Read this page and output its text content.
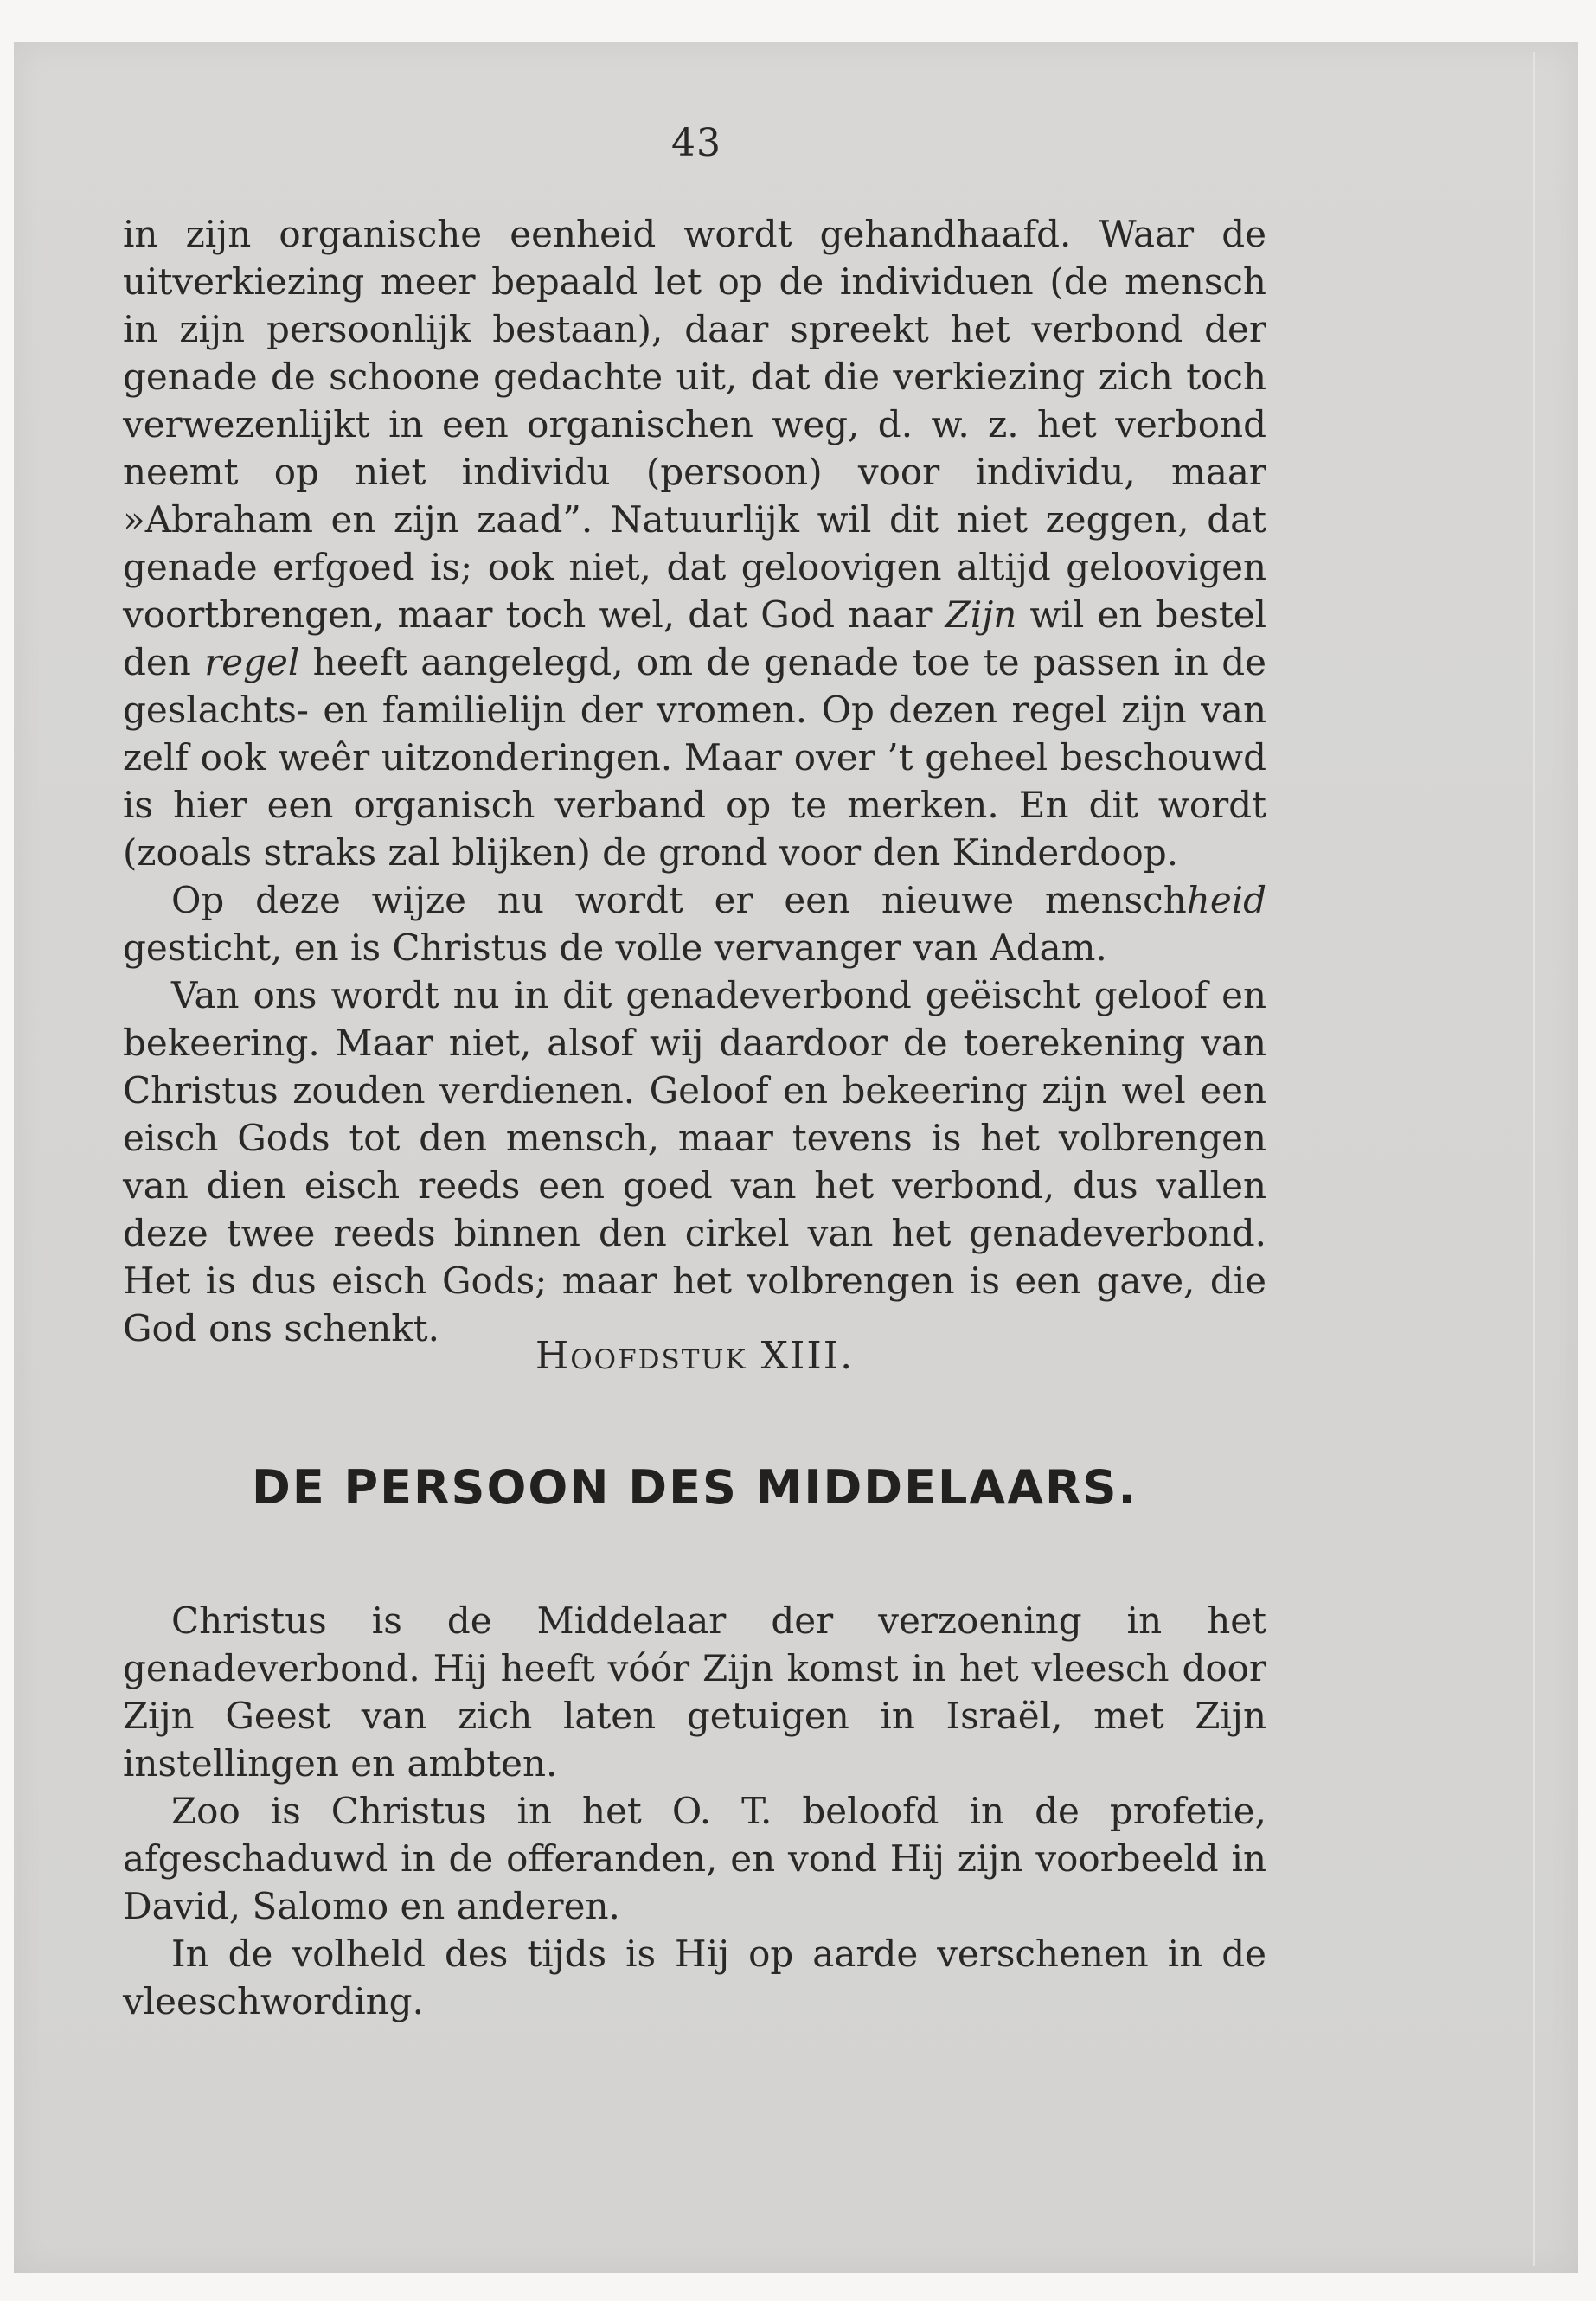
43

in zijn organische eenheid wordt gehandhaafd. Waar de uitverkiezing meer bepaald let op de individuen (de mensch in zijn persoonlijk bestaan), daar spreekt het verbond der genade de schoone gedachte uit, dat die verkiezing zich toch verwezenlijkt in een organischen weg, d. w. z. het verbond neemt op niet individu (persoon) voor individu, maar »Abraham en zijn zaad”. Natuurlijk wil dit niet zeggen, dat genade erfgoed is; ook niet, dat geloovigen altijd geloovigen voortbrengen, maar toch wel, dat God naar Zijn wil en bestel den regel heeft aangelegd, om de genade toe te passen in de geslachts- en familielijn der vromen. Op dezen regel zijn van zelf ook weêr uitzonderingen. Maar over ’t geheel beschouwd is hier een organisch verband op te merken. En dit wordt (zooals straks zal blijken) de grond voor den Kinderdoop.

Op deze wijze nu wordt er een nieuwe menschheid gesticht, en is Christus de volle vervanger van Adam.

Van ons wordt nu in dit genadeverbond geëischt geloof en bekeering. Maar niet, alsof wij daardoor de toerekening van Christus zouden verdienen. Geloof en bekeering zijn wel een eisch Gods tot den mensch, maar tevens is het volbrengen van dien eisch reeds een goed van het verbond, dus vallen deze twee reeds binnen den cirkel van het genadeverbond. Het is dus eisch Gods; maar het volbrengen is een gave, die God ons schenkt.

Hoofdstuk XIII.
DE PERSOON DES MIDDELAARS.

Christus is de Middelaar der verzoening in het genadeverbond. Hij heeft vóór Zijn komst in het vleesch door Zijn Geest van zich laten getuigen in Israël, met Zijn instellingen en ambten.

Zoo is Christus in het O. T. beloofd in de profetie, afgeschaduwd in de offeranden, en vond Hij zijn voorbeeld in David, Salomo en anderen.

In de volheld des tijds is Hij op aarde verschenen in de vleeschwording.
